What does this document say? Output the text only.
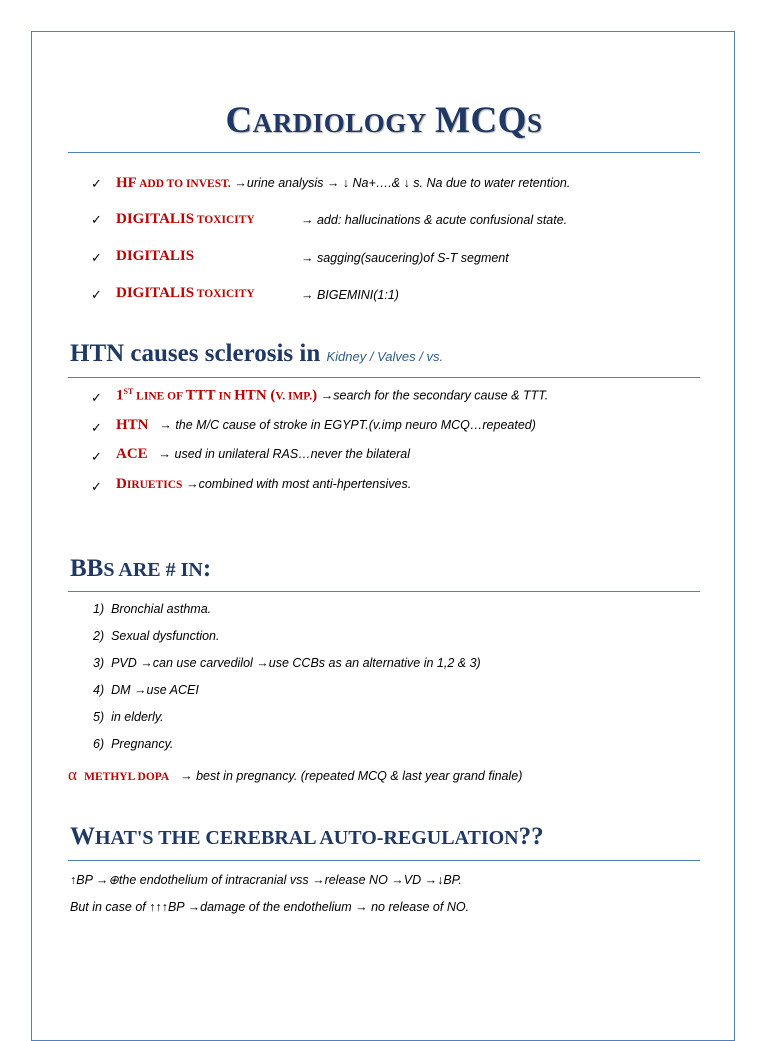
CARDIOLOGY MCQS
✓ HF ADD TO INVEST. →urine analysis → ↓ Na+….& ↓ s. Na due to water retention.
✓ DIGITALIS TOXICITY	→ add: hallucinations & acute confusional state.
✓ DIGITALIS	→ sagging(saucering)of S-T segment
✓ DIGITALIS TOXICITY	→ BIGEMINI(1:1)
HTN causes sclerosis in Kidney / Valves / vs.
✓ 1ST LINE OF TTT IN HTN (V. IMP.) →search for the secondary cause & TTT.
✓ HTN → the M/C cause of stroke in EGYPT.(v.imp neuro MCQ…repeated)
✓ ACE → used in unilateral RAS…never the bilateral
✓ DIRUETICS →combined with most anti-hpertensives.
BBS ARE # IN:
1) Bronchial asthma.
2) Sexual dysfunction.
3) PVD →can use carvedilol →use CCBs as an alternative in 1,2 & 3)
4) DM →use ACEI
5) in elderly.
6) Pregnancy.
α METHYL DOPA → best in pregnancy. (repeated MCQ & last year grand finale)
WHAT'S THE CEREBRAL AUTO-REGULATION??
↑BP →⊕the endothelium of intracranial vss →release NO →VD →↓BP.
But in case of ↑↑↑BP →damage of the endothelium → no release of NO.
